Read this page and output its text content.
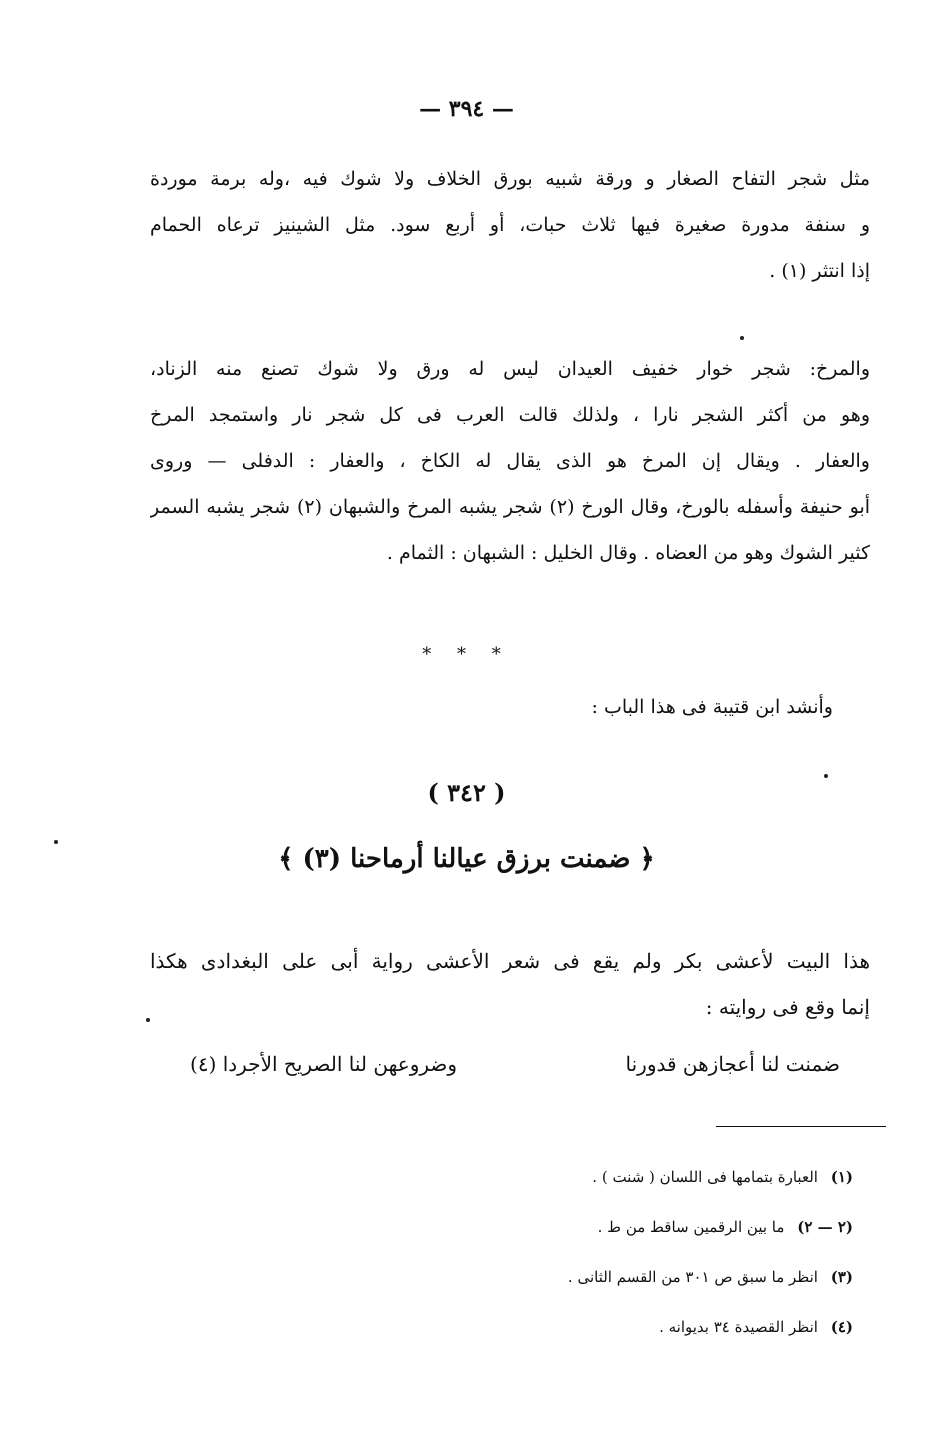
— ٣٩٤ —
مثل شجر التفاح الصغار و ورقة شبيه بورق الخلاف ولا شوك فيه ،وله برمة موردة
و سنفة مدورة صغيرة فيها ثلاث حبات، أو أربع سود. مثل الشينيز ترعاه الحمام
إذا انتثر (١) .
والمرخ: شجر خوار خفيف العيدان ليس له ورق ولا شوك تصنع منه الزناد،
وهو من أكثر الشجر نارا ، ولذلك قالت العرب فى كل شجر نار واستمجد المرخ
والعفار . ويقال إن المرخ هو الذى يقال له الكاخ ، والعفار : الدفلى — وروى
أبو حنيفة وأسفله بالورخ، وقال الورخ (٢) شجر يشبه المرخ والشبهان (٢) شجر يشبه السمر
كثير الشوك وهو من العضاه . وقال الخليل : الشبهان : الثمام .
* * *
وأنشد ابن قتيبة فى هذا الباب :
( ٣٤٢ )
﴿ ضمنت برزق عيالنا أرماحنا (٣) ﴾
هذا البيت لأعشى بكر ولم يقع فى شعر الأعشى رواية أبى على البغدادى هكذا
إنما وقع فى روايته :
ضمنت لنا أعجازهن قدورنا
وضروعهن لنا الصريح الأجردا (٤)
(١) العبارة بتمامها فى اللسان ( شنت ) .
(٢ — ٢) ما بين الرقمين ساقط من ط .
(٣) انظر ما سبق ص ٣٠١ من القسم الثانى .
(٤) انظر القصيدة ٣٤ بديوانه .
